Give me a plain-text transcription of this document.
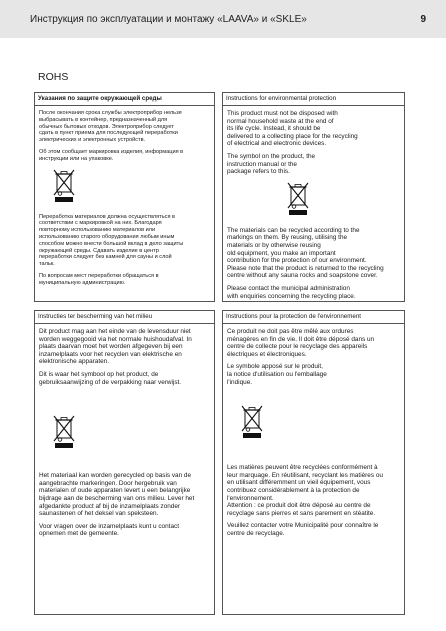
Инструкция по эксплуатации и монтажу «LAAVA» и «SKLE»	9
ROHS
Указания по защите окружающей среды

После окончания срока службы электроприбор нельзя
выбрасывать в контейнер, предназначенный для
обычных бытовых отходов. Электроприбор следует
сдать в пункт приема для последующей переработки
электрических и электронных устройств.

Об этом сообщает маркировка изделия, информация в
инструкции или на упаковке.

Переработка материалов должна осуществляться в
соответствии с маркировкой на них. Благодаря
повторному использованию материалов или
использованию старого оборудования любым иным
способом можно внести большой вклад в дело защиты
окружающей среды. Сдавать изделие в центр
переработки следует без камней для сауны и слой
тальк.

По вопросам мест переработки обращаться в
муниципальную администрацию.

Instructions for environmental protection

This product must not be disposed with
normal household waste at the end of
its life cycle. Instead, it should be
delivered to a collecting place for the recycling
of electrical and electronic devices.

The symbol on the product, the
instruction manual or the
package refers to this.

The materials can be recycled according to the
markings on them. By reusing, utilising the
materials or by otherwise reusing
old equipment, you make an important
contribution for the protection of our environment.
Please note that the product is returned to the recycling
centre without any sauna rocks and soapstone cover.

Please contact the municipal administration
with enquiries concerning the recycling place.

Instructies ter bescherming van het milieu

Dit product mag aan het einde van de levensduur niet
worden weggegooid via het normale huishoudafval. In
plaats daarvan moet het worden afgegeven bij een
inzamelplaats voor het recyclen van elektrische en
elektronische apparaten.

Dit is waar het symbool op het product, de
gebruiksaanwijzing of de verpakking naar verwijst.

Het materiaal kan worden gerecycled op basis van de
aangebrachte markeringen. Door hergebruik van
materialen of oude apparaten levert u een belangrijke
bijdrage aan de bescherming van ons milieu. Lever het
afgedankte product af bij de inzamelplaats zonder
saunastenen of het deksel van speksteen.

Voor vragen over de inzamelplaats kunt u contact
opnemen met de gemeente.

Instructions pour la protection de l'environnement

Ce produit ne doit pas être mêlé aux ordures
ménagères en fin de vie. Il doit être déposé dans un
centre de collecte pour le recyclage des appareils
électriques et électroniques.

Le symbole apposé sur le produit,
la notice d'utilisation ou l'emballage
l'indique.

Les matières peuvent être recyclées conformément à
leur marquage. En réutilisant, recyclant les matières ou
en utilisant différemment un vieil équipement, vous
contribuez considérablement à la protection de
l'environnement.
Attention : ce produit doit être déposé au centre de
recyclage sans pierres et sans parement en stéatite.

Veuillez contacter votre Municipalité pour connaître le
centre de recyclage.
